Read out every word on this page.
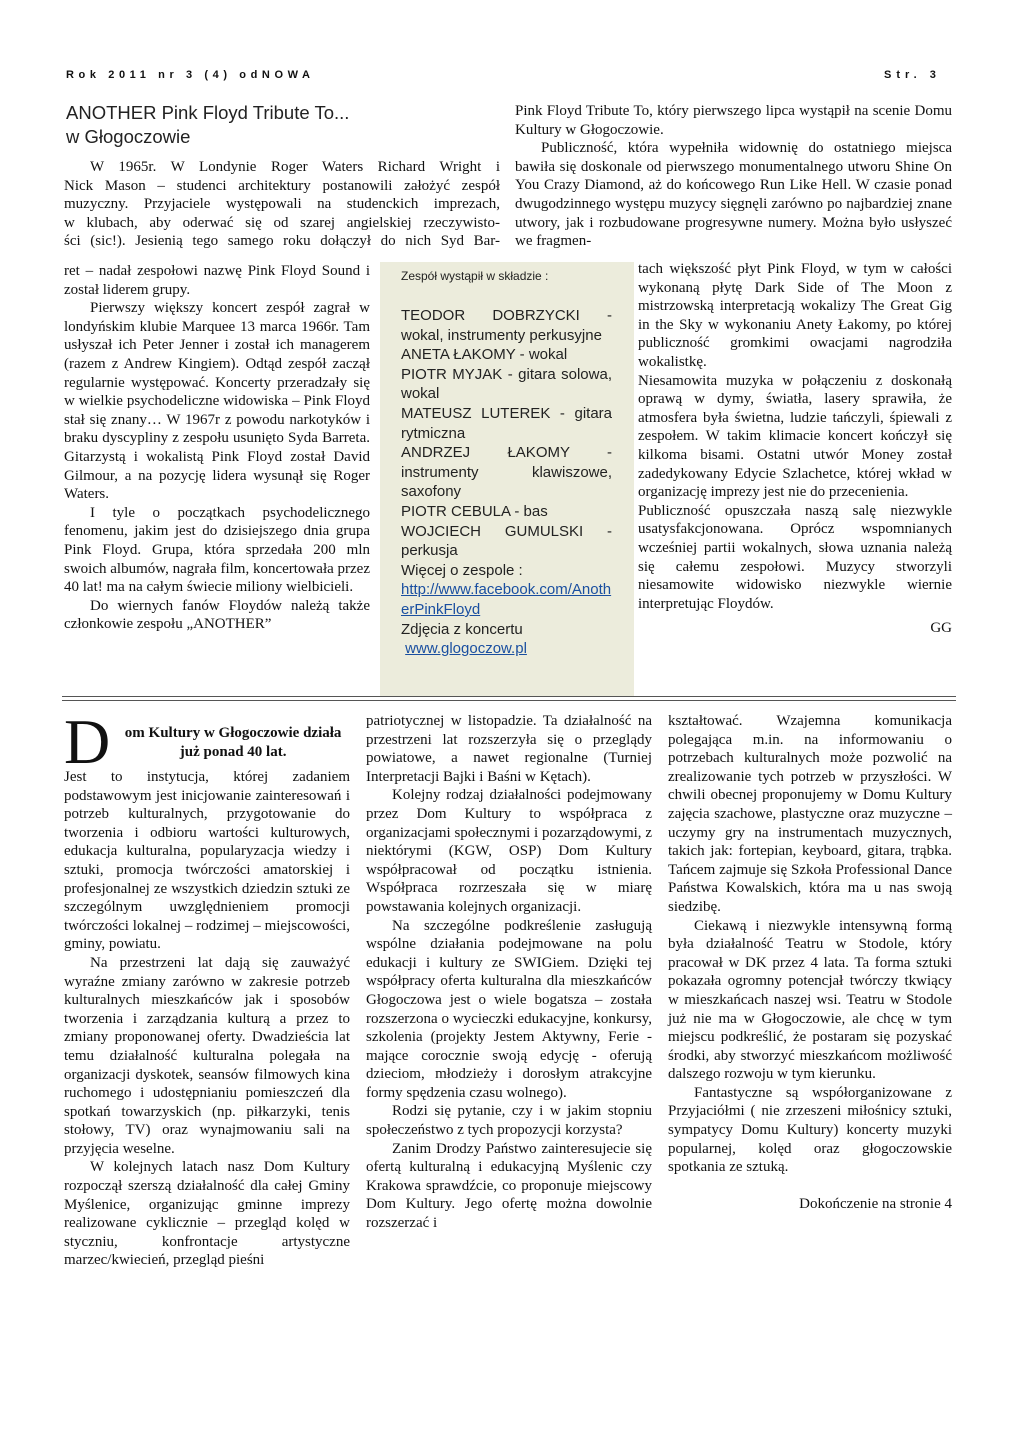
Rok 2011 nr 3 (4) odNOWA	Str. 3
ANOTHER Pink Floyd Tribute To...
w Głogoczowie

W 1965r. W Londynie Roger Waters Richard Wright i

Nick Mason – studenci architektury postanowili założyć zespół

muzyczny. Przyjaciele występowali na studenckich imprezach,

w klubach, aby oderwać się od szarej angielskiej rzeczywisto-

ści (sic!). Jesienią tego samego roku dołączył do nich Syd Bar-

ret – nadał zespołowi nazwę Pink Floyd Sound i został liderem grupy.

Pierwszy większy koncert zespół zagrał w londyńskim klubie Marquee 13 marca 1966r. Tam usłyszał ich Peter Jenner i został ich managerem (razem z Andrew Kingiem). Odtąd zespół zaczął regularnie występować. Koncerty przeradzały się w wielkie psychodeliczne widowiska – Pink Floyd stał się znany… W 1967r z powodu narkotyków i braku dyscypliny z zespołu usunięto Syda Barreta. Gitarzystą i wokalistą Pink Floyd został David Gilmour, a na pozycję lidera wysunął się Roger Waters.

I tyle o początkach psychodelicznego fenomenu, jakim jest do dzisiejszego dnia grupa Pink Floyd. Grupa, która sprzedała 200 mln swoich albumów, nagrała film, koncertowała przez 40 lat! ma na całym świecie miliony wielbicieli.

Do wiernych fanów Floydów należą także członkowie zespołu „ANOTHER”

Pink Floyd Tribute To, który pierwszego lipca wystąpił na scenie Domu Kultury w Głogoczowie.

Publiczność, która wypełniła widownię do ostatniego miejsca bawiła się doskonale od pierwszego monumentalnego utworu Shine On You Crazy Diamond, aż do końcowego Run Like Hell. W czasie ponad dwugodzinnego występu muzycy sięgnęli zarówno po najbardziej znane utwory, jak i rozbudowane progresywne numery. Można było usłyszeć we fragmen-

tach większość płyt Pink Floyd, w tym w całości wykonaną płytę Dark Side of The Moon z mistrzowską interpretacją wokalizy The Great Gig in the Sky w wykonaniu Anety Łakomy, po której publiczność gromkimi owacjami nagrodziła wokalistkę.

Niesamowita muzyka w połączeniu z doskonałą oprawą w dymy, światła, lasery sprawiła, że atmosfera była świetna, ludzie tańczyli, śpiewali z zespołem. W takim klimacie koncert kończył się kilkoma bisami. Ostatni utwór Money został zadedykowany Edycie Szlachetce, której wkład w organizację imprezy jest nie do przecenienia.

Publiczność opuszczała naszą salę niezwykle usatysfakcjonowana. Oprócz wspomnianych wcześniej partii wokalnych, słowa uznania należą się całemu zespołowi. Muzycy stworzyli niesamowite widowisko niezwykle wiernie interpretując Floydów.

GG

Zespół wystąpił w składzie :
TEODOR DOBRZYCKI - wokal, instrumenty perkusyjne
ANETA ŁAKOMY - wokal
PIOTR MYJAK - gitara solowa, wokal
MATEUSZ LUTEREK - gitara rytmiczna
ANDRZEJ ŁAKOMY - instrumenty klawiszowe, saxofony
PIOTR CEBULA - bas
WOJCIECH GUMULSKI - perkusja
Więcej o zespole :
http://www.facebook.com/AnotherPinkFloyd
Zdjęcia z koncertu
www.glogoczow.pl
D om Kultury w Głogoczowie działa już ponad 40 lat.

Jest to instytucja, której zadaniem podstawowym jest inicjowanie zainteresowań i potrzeb kulturalnych, przygotowanie do tworzenia i odbioru wartości kulturowych, edukacja kulturalna, popularyzacja wiedzy i sztuki, promocja twórczości amatorskiej i profesjonalnej ze wszystkich dziedzin sztuki ze szczególnym uwzględnieniem promocji twórczości lokalnej – rodzimej – miejscowości, gminy, powiatu.

Na przestrzeni lat dają się zauważyć wyraźne zmiany zarówno w zakresie potrzeb kulturalnych mieszkańców jak i sposobów tworzenia i zarządzania kulturą a przez to zmiany proponowanej oferty. Dwadzieścia lat temu działalność kulturalna polegała na organizacji dyskotek, seansów filmowych kina ruchomego i udostępnianiu pomieszczeń dla spotkań towarzyskich (np. piłkarzyki, tenis stołowy, TV) oraz wynajmowaniu sali na przyjęcia weselne.

W kolejnych latach nasz Dom Kultury rozpoczął szerszą działalność dla całej Gminy Myślenice, organizując gminne imprezy realizowane cyklicznie – przegląd kolęd w styczniu, konfrontacje artystyczne marzec/kwiecień, przegląd pieśni

patriotycznej w listopadzie. Ta działalność na przestrzeni lat rozszerzyła się o przeglądy powiatowe, a nawet regionalne (Turniej Interpretacji Bajki i Baśni w Kętach).

Kolejny rodzaj działalności podejmowany przez Dom Kultury to współpraca z organizacjami społecznymi i pozarządowymi, z niektórymi (KGW, OSP) Dom Kultury współpracował od początku istnienia. Współpraca rozrzeszała się w miarę powstawania kolejnych organizacji.

Na szczególne podkreślenie zasługują wspólne działania podejmowane na polu edukacji i kultury ze SWIGiem. Dzięki tej współpracy oferta kulturalna dla mieszkańców Głogoczowa jest o wiele bogatsza – została rozszerzona o wycieczki edukacyjne, konkursy, szkolenia (projekty Jestem Aktywny, Ferie - mające corocznie swoją edycję - oferują dzieciom, młodzieży i dorosłym atrakcyjne formy spędzenia czasu wolnego).

Rodzi się pytanie, czy i w jakim stopniu społeczeństwo z tych propozycji korzysta?

Zanim Drodzy Państwo zainteresujecie się ofertą kulturalną i edukacyjną Myślenic czy Krakowa sprawdźcie, co proponuje miejscowy Dom Kultury. Jego ofertę można dowolnie rozszerzać i

kształtować. Wzajemna komunikacja polegająca m.in. na informowaniu o potrzebach kulturalnych może pozwolić na zrealizowanie tych potrzeb w przyszłości. W chwili obecnej proponujemy w Domu Kultury zajęcia szachowe, plastyczne oraz muzyczne – uczymy gry na instrumentach muzycznych, takich jak: fortepian, keyboard, gitara, trąbka. Tańcem zajmuje się Szkoła Professional Dance Państwa Kowalskich, która ma u nas swoją siedzibę.

Ciekawą i niezwykle intensywną formą była działalność Teatru w Stodole, który pracował w DK przez 4 lata. Ta forma sztuki pokazała ogromny potencjał twórczy tkwiący w mieszkańcach naszej wsi. Teatru w Stodole już nie ma w Głogoczowie, ale chcę w tym miejscu podkreślić, że postaram się pozyskać środki, aby stworzyć mieszkańcom możliwość dalszego rozwoju w tym kierunku.

Fantastyczne są współorganizowane z Przyjaciółmi ( nie zrzeszeni miłośnicy sztuki, sympatycy Domu Kultury) koncerty muzyki popularnej, kolęd oraz głogoczowskie spotkania ze sztuką.

Dokończenie na stronie 4
